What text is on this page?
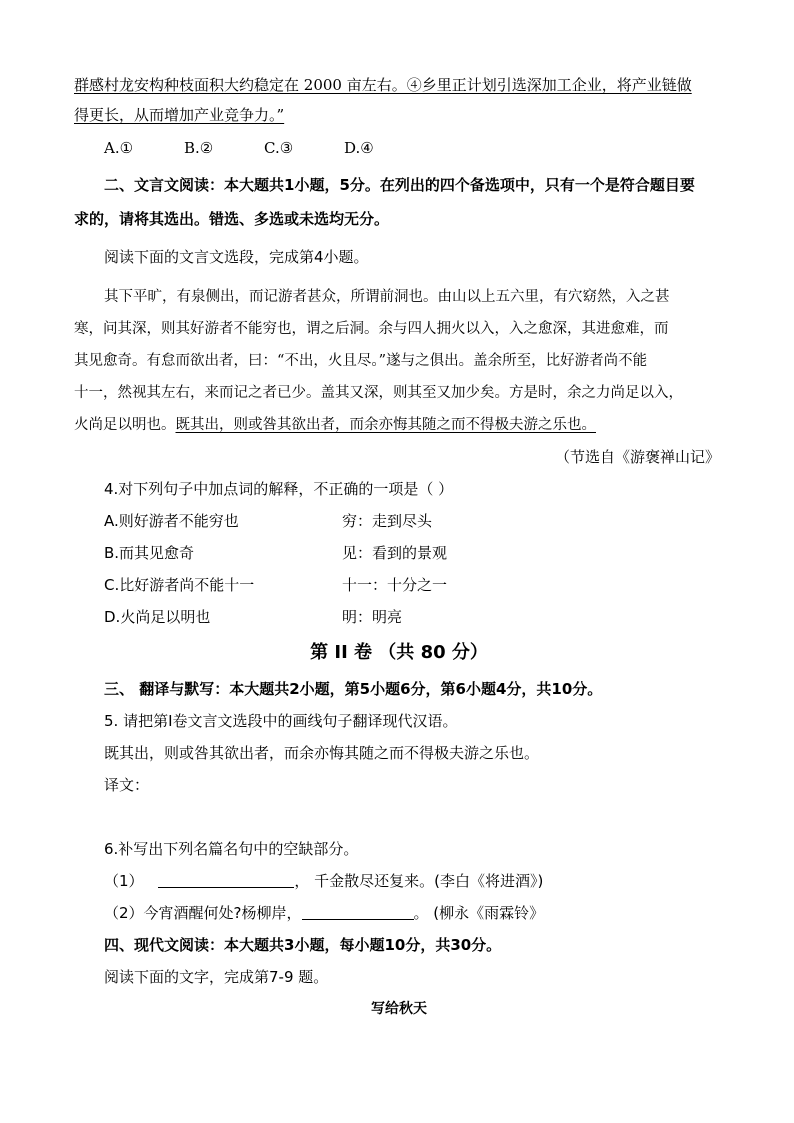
群感村龙安构种枝面积大约稳定在 2000 亩左右。④乡里正计划引选深加工企业，将产业链做
得更长，从而增加产业竞争力。”
A.①	B.②	C.③	D.④
二、文言文阅读：本大题共1小题，5分。在列出的四个备选项中，只有一个是符合题目要
求的，请将其选出。错选、多选或未选均无分。
阅读下面的文言文选段，完成第4小题。
其下平旷，有泉侧出，而记游者甚众，所谓前洞也。由山以上五六里，有穴窈然，入之甚
寒，问其深，则其好游者不能穷也，谓之后洞。余与四人拥火以入，入之愈深，其进愈难，而
其见愈奇。有怠而欲出者，曰：“不出，火且尽。”遂与之俱出。盖余所至，比好游者尚不能
十一，然视其左右，来而记之者已少。盖其又深，则其至又加少矣。方是时，余之力尚足以入，
火尚足以明也。既其出，则或咎其欲出者，而余亦悔其随之而不得极夫游之乐也。
（节选自《游褒禅山记》
4.对下列句子中加点词的解释，不正确的一项是（ ）
A.则好游者不能穷也	穷：走到尽头
B.而其见愈奇	见：看到的景观
C.比好游者尚不能十一	十一：十分之一
D.火尚足以明也	明：明亮
第 II 卷 （共 80 分）
三、 翻译与默写：本大题共2小题，第5小题6分，第6小题4分，共10分。
5. 请把第I卷文言文选段中的画线句子翻译现代汉语。
既其出，则或咎其欲出者，而余亦悔其随之而不得极夫游之乐也。
译文：
6.补写出下列名篇名句中的空缺部分。
（1）	， 千金散尽还复来。(李白《将进酒》)
（2）今宵酒醒何处?杨柳岸，	。 (柳永《雨霖铃》
四、现代文阅读：本大题共3小题，每小题10分，共30分。
阅读下面的文字，完成第7-9 题。
写给秋天
